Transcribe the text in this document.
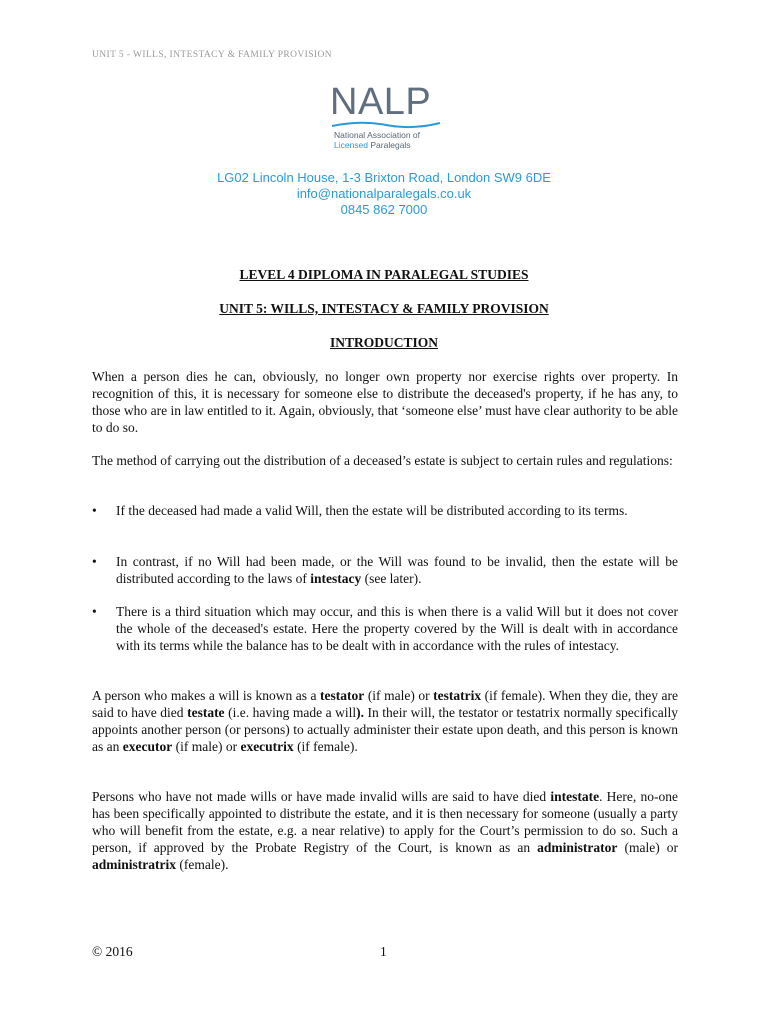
UNIT 5 - WILLS, INTESTACY & FAMILY PROVISION
NALP
National Association of
Licensed Paralegals
LG02 Lincoln House, 1-3 Brixton Road, London SW9 6DE
info@nationalparalegals.co.uk
0845 862 7000
LEVEL 4 DIPLOMA IN PARALEGAL STUDIES
UNIT 5: WILLS, INTESTACY & FAMILY PROVISION
INTRODUCTION
When a person dies he can, obviously, no longer own property nor exercise rights over property. In recognition of this, it is necessary for someone else to distribute the deceased's property, if he has any, to those who are in law entitled to it. Again, obviously, that ‘someone else’ must have clear authority to be able to do so.
The method of carrying out the distribution of a deceased’s estate is subject to certain rules and regulations:
• If the deceased had made a valid Will, then the estate will be distributed according to its terms.
• In contrast, if no Will had been made, or the Will was found to be invalid, then the estate will be distributed according to the laws of intestacy (see later).
• There is a third situation which may occur, and this is when there is a valid Will but it does not cover the whole of the deceased's estate. Here the property covered by the Will is dealt with in accordance with its terms while the balance has to be dealt with in accordance with the rules of intestacy.
A person who makes a will is known as a testator (if male) or testatrix (if female). When they die, they are said to have died testate (i.e. having made a will). In their will, the testator or testatrix normally specifically appoints another person (or persons) to actually administer their estate upon death, and this person is known as an executor (if male) or executrix (if female).
Persons who have not made wills or have made invalid wills are said to have died intestate. Here, no-one has been specifically appointed to distribute the estate, and it is then necessary for someone (usually a party who will benefit from the estate, e.g. a near relative) to apply for the Court’s permission to do so. Such a person, if approved by the Probate Registry of the Court, is known as an administrator (male) or administratrix (female).
© 2016	1
